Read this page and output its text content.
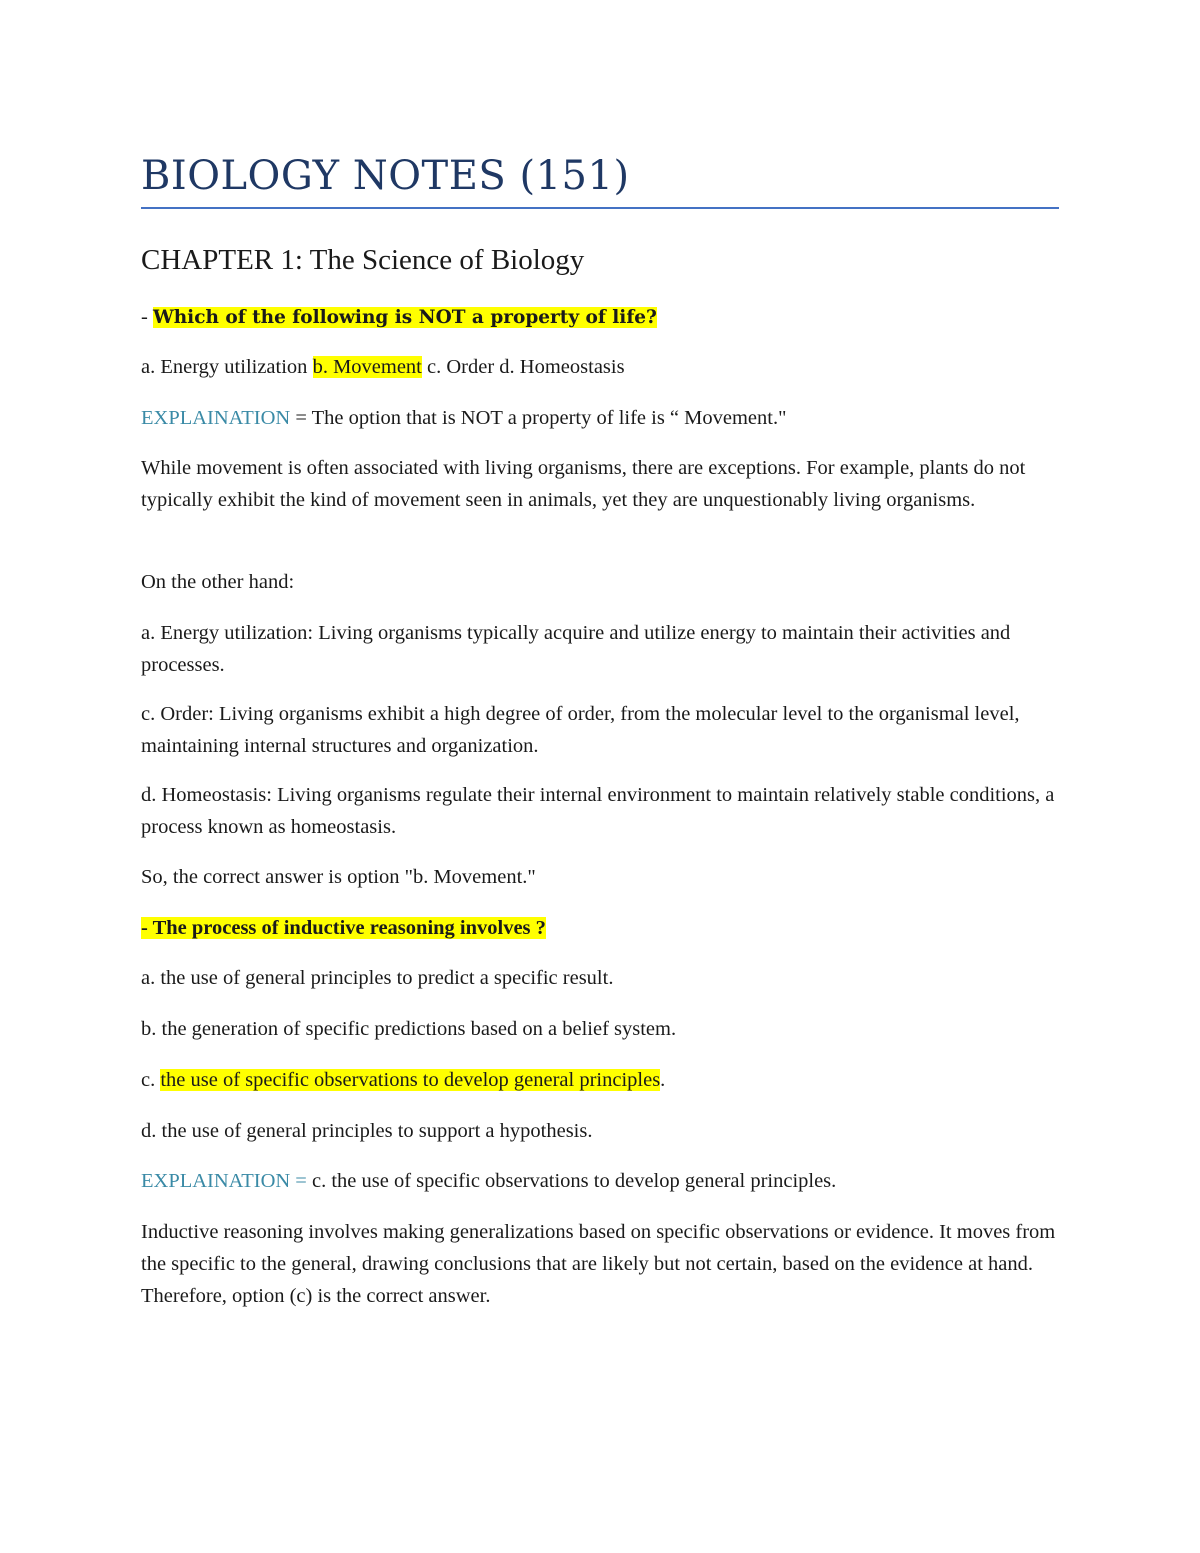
BIOLOGY NOTES (151)
CHAPTER 1: The Science of Biology

- Which of the following is NOT a property of life?

a. Energy utilization b. Movement c. Order d. Homeostasis

EXPLAINATION = The option that is NOT a property of life is “ Movement."

While movement is often associated with living organisms, there are exceptions. For example, plants do not typically exhibit the kind of movement seen in animals, yet they are unquestionably living organisms.

On the other hand:

a. Energy utilization: Living organisms typically acquire and utilize energy to maintain their activities and processes.

c. Order: Living organisms exhibit a high degree of order, from the molecular level to the organismal level, maintaining internal structures and organization.

d. Homeostasis: Living organisms regulate their internal environment to maintain relatively stable conditions, a process known as homeostasis.

So, the correct answer is option "b. Movement."

- The process of inductive reasoning involves ?

a. the use of general principles to predict a specific result.

b. the generation of specific predictions based on a belief system.

c. the use of specific observations to develop general principles.

d. the use of general principles to support a hypothesis.

EXPLAINATION = c. the use of specific observations to develop general principles.

Inductive reasoning involves making generalizations based on specific observations or evidence. It moves from the specific to the general, drawing conclusions that are likely but not certain, based on the evidence at hand. Therefore, option (c) is the correct answer.
